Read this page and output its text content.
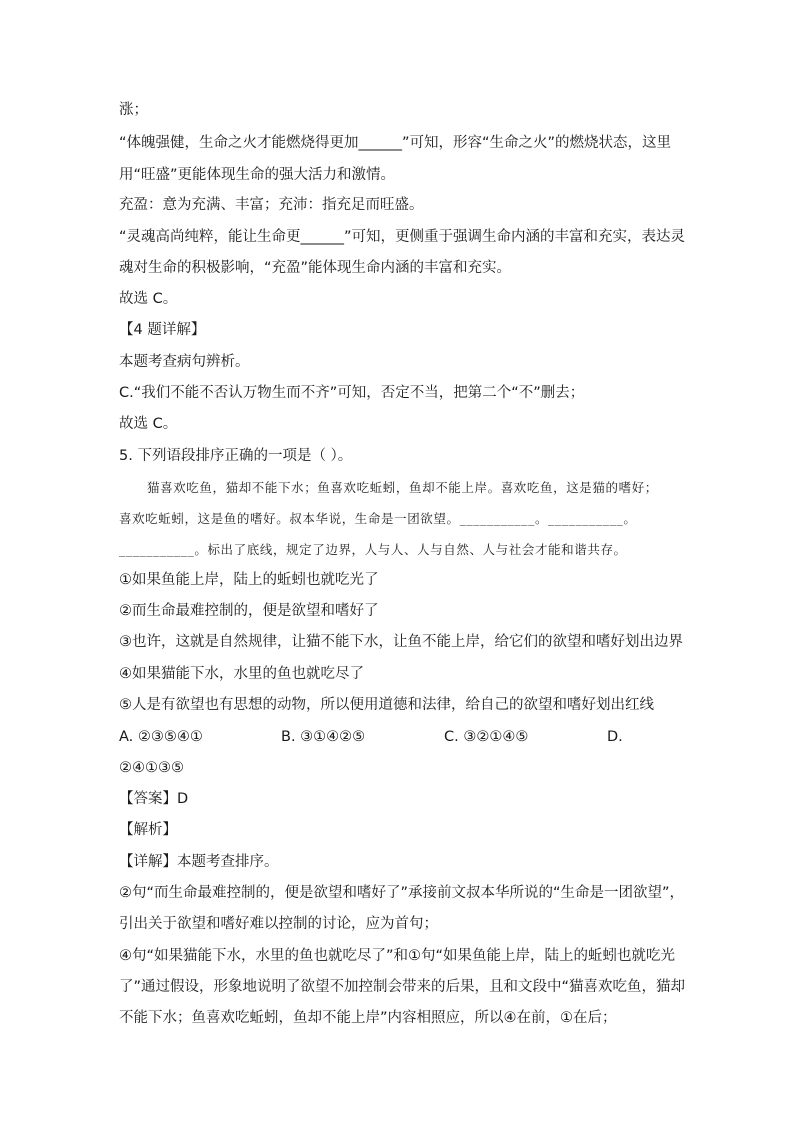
涨；
“体魄强健，生命之火才能燃烧得更加______”可知，形容“生命之火”的燃烧状态，这里
用“旺盛”更能体现生命的强大活力和激情。
充盈：意为充满、丰富；充沛：指充足而旺盛。
“灵魂高尚纯粹，能让生命更______”可知，更侧重于强调生命内涵的丰富和充实，表达灵
魂对生命的积极影响，“充盈”能体现生命内涵的丰富和充实。
故选 C。
【4 题详解】
本题考查病句辨析。
C.“我们不能不否认万物生而不齐”可知，否定不当，把第二个“不”删去；
故选 C。
5. 下列语段排序正确的一项是（ ）。
猫喜欢吃鱼，猫却不能下水；鱼喜欢吃蚯蚓，鱼却不能上岸。喜欢吃鱼，这是猫的嗜好；
喜欢吃蚯蚓，这是鱼的嗜好。叔本华说，生命是一团欲望。___________。___________。
___________。标出了底线，规定了边界，人与人、人与自然、人与社会才能和谐共存。
①如果鱼能上岸，陆上的蚯蚓也就吃光了
②而生命最难控制的，便是欲望和嗜好了
③也许，这就是自然规律，让猫不能下水，让鱼不能上岸，给它们的欲望和嗜好划出边界
④如果猫能下水，水里的鱼也就吃尽了
⑤人是有欲望也有思想的动物，所以便用道德和法律，给自己的欲望和嗜好划出红线
A. ②③⑤④①	B. ③①④②⑤	C. ③②①④⑤	D.
②④①③⑤
【答案】D
【解析】
【详解】本题考查排序。
②句“而生命最难控制的，便是欲望和嗜好了”承接前文叔本华所说的“生命是一团欲望”，
引出关于欲望和嗜好难以控制的讨论，应为首句；
④句“如果猫能下水，水里的鱼也就吃尽了”和①句“如果鱼能上岸，陆上的蚯蚓也就吃光
了”通过假设，形象地说明了欲望不加控制会带来的后果，且和文段中“猫喜欢吃鱼，猫却
不能下水；鱼喜欢吃蚯蚓，鱼却不能上岸”内容相照应，所以④在前，①在后；
